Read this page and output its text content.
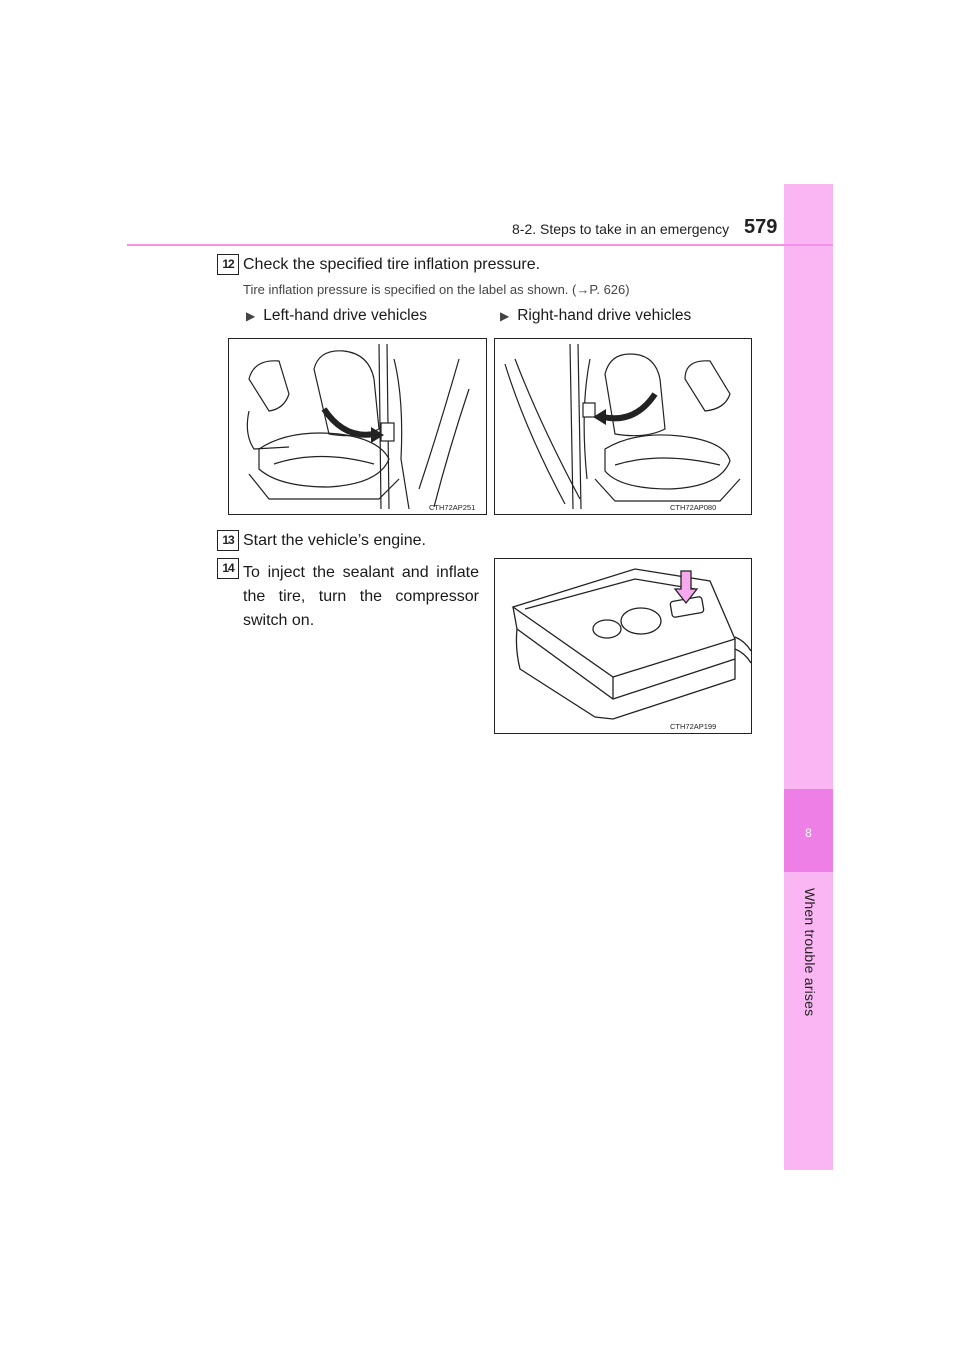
8
When trouble arises
8-2. Steps to take in an emergency 579
12 Check the specified tire inflation pressure.
Tire inflation pressure is specified on the label as shown. (→P. 626)
▶ Left-hand drive vehicles	▶ Right-hand drive vehicles
CTH72AP251	CTH72AP080
13 Start the vehicle’s engine.
14 To inject the sealant and inflate the tire, turn the compressor switch on.
CTH72AP199
